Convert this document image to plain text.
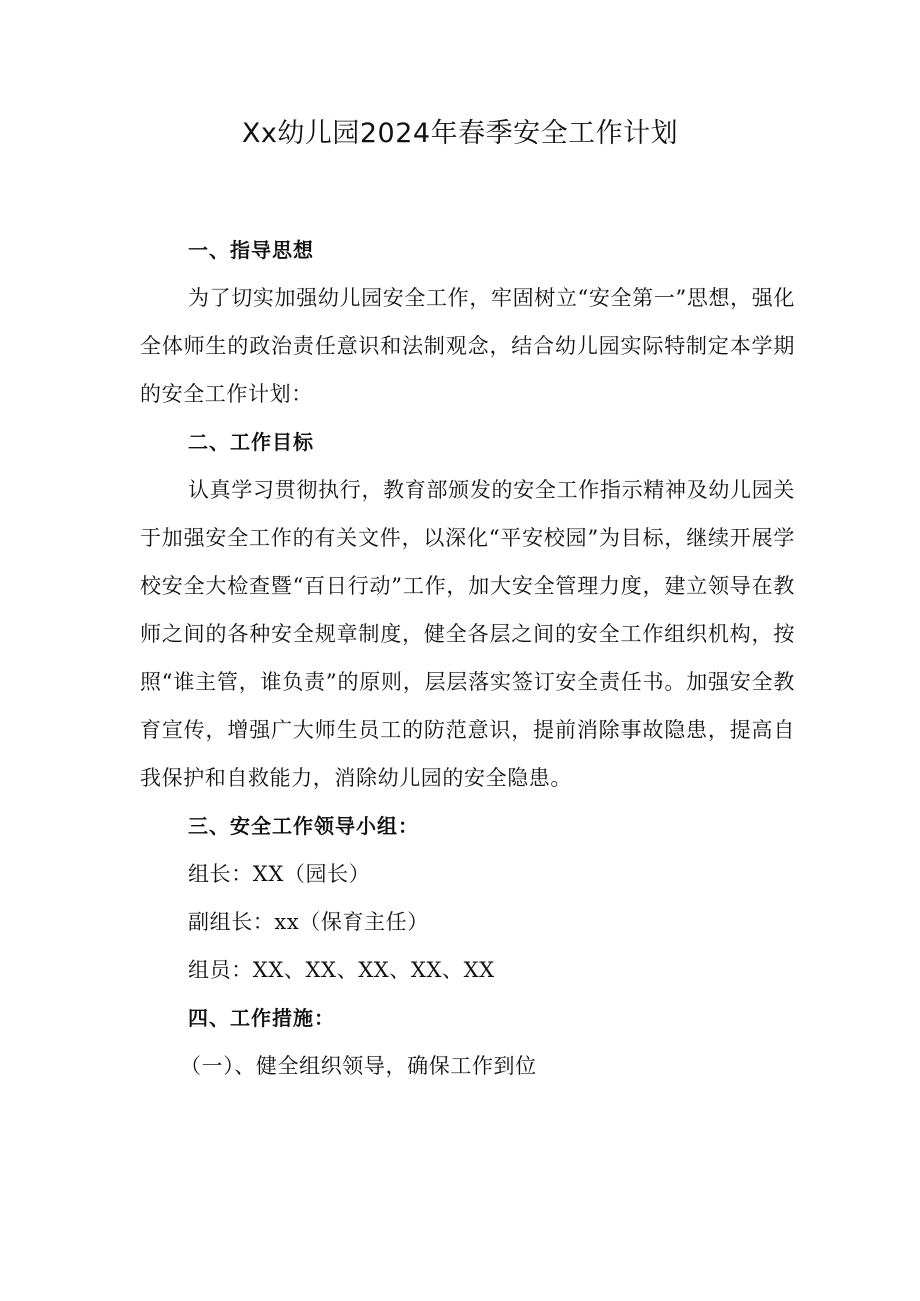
Xx幼儿园2024年春季安全工作计划

一、指导思想

为了切实加强幼儿园安全工作，牢固树立“安全第一”思想，强化全体师生的政治责任意识和法制观念，结合幼儿园实际特制定本学期的安全工作计划：

二、工作目标

认真学习贯彻执行，教育部颁发的安全工作指示精神及幼儿园关于加强安全工作的有关文件，以深化“平安校园”为目标，继续开展学校安全大检查暨“百日行动”工作，加大安全管理力度，建立领导在教师之间的各种安全规章制度，健全各层之间的安全工作组织机构，按照“谁主管，谁负责”的原则，层层落实签订安全责任书。加强安全教育宣传，增强广大师生员工的防范意识，提前消除事故隐患，提高自我保护和自救能力，消除幼儿园的安全隐患。

三、安全工作领导小组：

组长：XX（园长）

副组长：xx（保育主任）

组员：XX、XX、XX、XX、XX

四、工作措施：

（一）、健全组织领导，确保工作到位
